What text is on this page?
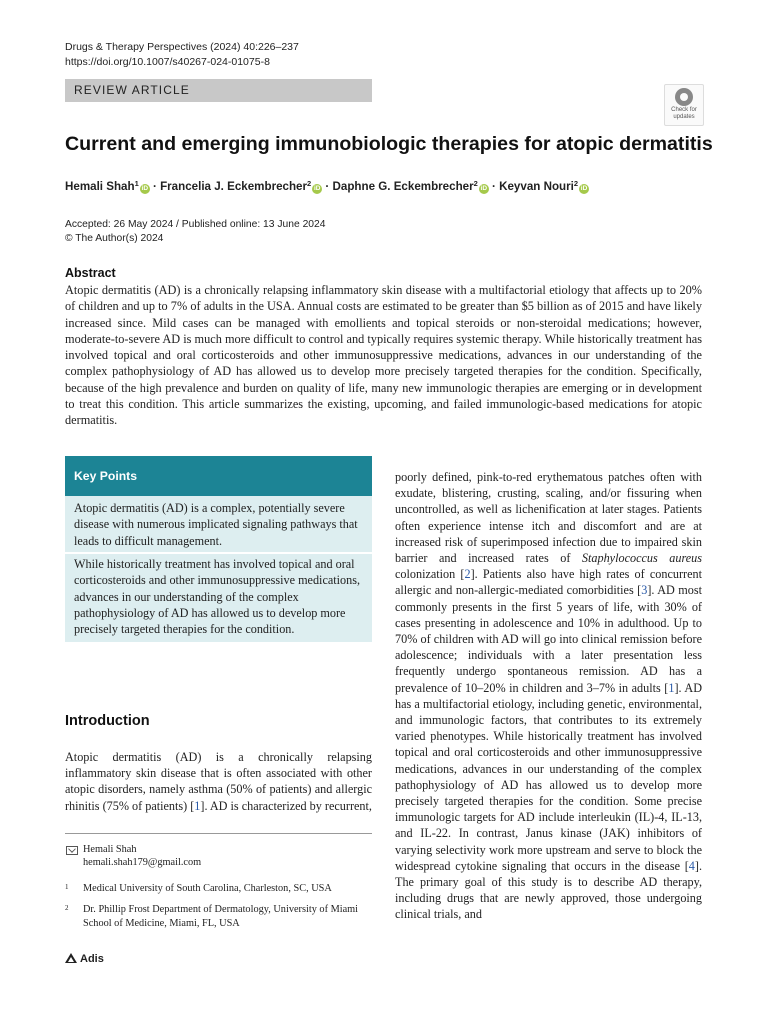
Drugs & Therapy Perspectives (2024) 40:226–237
https://doi.org/10.1007/s40267-024-01075-8
REVIEW ARTICLE
Check for
updates
Current and emerging immunobiologic therapies for atopic dermatitis
Hemali Shah$^1$iD · Francelia J. Eckembrecher$^2$iD · Daphne G. Eckembrecher$^2$iD · Keyvan Nouri$^2$iD
Accepted: 26 May 2024 / Published online: 13 June 2024
© The Author(s) 2024
Abstract
Atopic dermatitis (AD) is a chronically relapsing inflammatory skin disease with a multifactorial etiology that affects up to 20% of children and up to 7% of adults in the USA. Annual costs are estimated to be greater than $5 billion as of 2015 and have likely increased since. Mild cases can be managed with emollients and topical steroids or non-steroidal medications; however, moderate-to-severe AD is much more difficult to control and typically requires systemic therapy. While historically treatment has involved topical and oral corticosteroids and other immunosuppressive medications, advances in our understanding of the complex pathophysiology of AD has allowed us to develop more precisely targeted therapies for the condition. Specifically, because of the high prevalence and burden on quality of life, many new immunologic therapies are emerging or in development to treat this condition. This article summarizes the existing, upcoming, and failed immunologic-based medications for atopic dermatitis.
Key Points
Atopic dermatitis (AD) is a complex, potentially severe disease with numerous implicated signaling pathways that leads to difficult management.
While historically treatment has involved topical and oral corticosteroids and other immunosuppressive medications, advances in our understanding of the complex pathophysiology of AD has allowed us to develop more precisely targeted therapies for the condition.
Introduction
Atopic dermatitis (AD) is a chronically relapsing inflammatory skin disease that is often associated with other atopic disorders, namely asthma (50% of patients) and allergic rhinitis (75% of patients) [1]. AD is characterized by recurrent,
poorly defined, pink-to-red erythematous patches often with exudate, blistering, crusting, scaling, and/or fissuring when uncontrolled, as well as lichenification at later stages. Patients often experience intense itch and discomfort and are at increased risk of superimposed infection due to impaired skin barrier and increased rates of Staphylococcus aureus colonization [2]. Patients also have high rates of concurrent allergic and non-allergic-mediated comorbidities [3]. AD most commonly presents in the first 5 years of life, with 30% of cases presenting in adolescence and 10% in adulthood. Up to 70% of children with AD will go into clinical remission before adolescence; individuals with a later presentation less frequently undergo spontaneous remission. AD has a prevalence of 10–20% in children and 3–7% in adults [1]. AD has a multifactorial etiology, including genetic, environmental, and immunologic factors, that contributes to its extremely varied phenotypes. While historically treatment has involved topical and oral corticosteroids and other immunosuppressive medications, advances in our understanding of the complex pathophysiology of AD has allowed us to develop more precisely targeted therapies for the condition. Some precise immunologic targets for AD include interleukin (IL)-4, IL-13, and IL-22. In contrast, Janus kinase (JAK) inhibitors of varying selectivity work more upstream and serve to block the widespread cytokine signaling that occurs in the disease [4]. The primary goal of this study is to describe AD therapy, including drugs that are newly approved, those undergoing clinical trials, and
Hemali Shah
hemali.shah179@gmail.com
1 Medical University of South Carolina, Charleston, SC, USA
2 Dr. Phillip Frost Department of Dermatology, University of Miami School of Medicine, Miami, FL, USA
Adis
